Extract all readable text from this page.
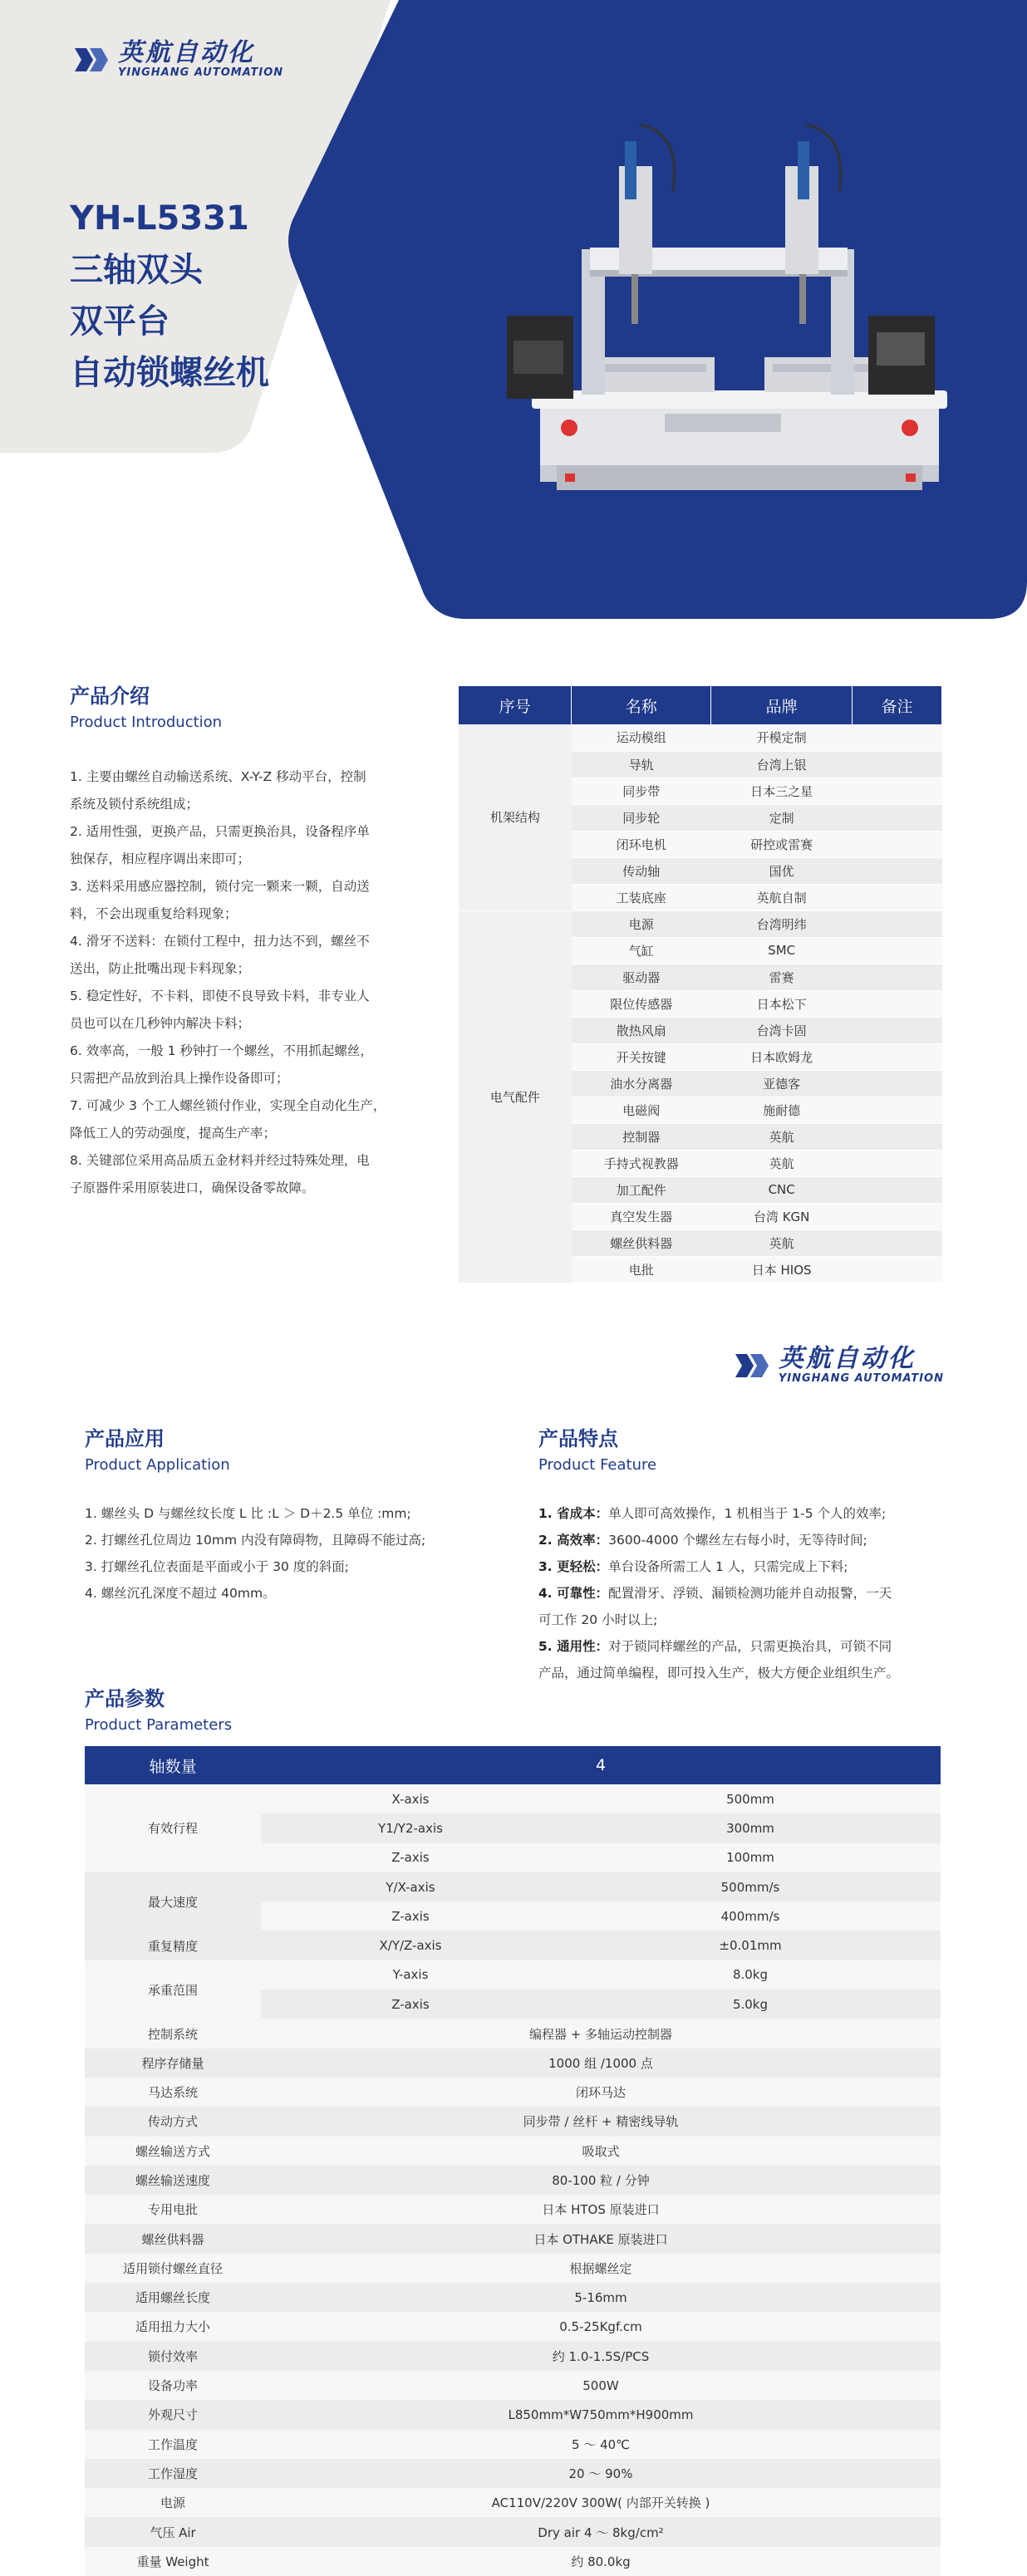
英航自动化
YINGHANG AUTOMATION
YH-L5331
三轴双头
双平台
自动锁螺丝机
产品介绍
Product Introduction

1. 主要由螺丝自动输送系统、X-Y-Z 移动平台，控制

系统及锁付系统组成；

2. 适用性强，更换产品，只需更换治具，设备程序单

独保存，相应程序调出来即可；

3. 送料采用感应器控制，锁付完一颗来一颗，自动送

料，不会出现重复给料现象；

4. 滑牙不送料：在锁付工程中，扭力达不到，螺丝不

送出，防止批嘴出现卡料现象；

5. 稳定性好，不卡料，即使不良导致卡料，非专业人

员也可以在几秒钟内解决卡料；

6. 效率高，一般 1 秒钟打一个螺丝，不用抓起螺丝，

只需把产品放到治具上操作设备即可；

7. 可减少 3 个工人螺丝锁付作业，实现全自动化生产，

降低工人的劳动强度，提高生产率；

8. 关键部位采用高品质五金材料并经过特殊处理，电

子原器件采用原装进口，确保设备零故障。

序号	名称	品牌	备注
机架结构	运动模组	开模定制	
	导轨	台湾上银	
	同步带	日本三之星	
	同步轮	定制	
	闭环电机	研控或雷赛	
	传动轴	国优	
	工装底座	英航自制	
电气配件	电源	台湾明纬	
	气缸	SMC	
	驱动器	雷赛	
	限位传感器	日本松下	
	散热风扇	台湾卡固	
	开关按键	日本欧姆龙	
	油水分离器	亚德客	
	电磁阀	施耐德	
	控制器	英航	
	手持式视教器	英航	
	加工配件	CNC	
	真空发生器	台湾 KGN	
	螺丝供料器	英航	
	电批	日本 HIOS	
英航自动化
YINGHANG AUTOMATION
产品应用
Product Application

1. 螺丝头 D 与螺丝纹长度 L 比 :L ＞ D＋2.5 单位 :mm;

2. 打螺丝孔位周边 10mm 内没有障碍物，且障碍不能过高;

3. 打螺丝孔位表面是平面或小于 30 度的斜面;

4. 螺丝沉孔深度不超过 40mm。

产品特点
Product Feature

1. 省成本：单人即可高效操作，1 机相当于 1-5 个人的效率;

2. 高效率：3600-4000 个螺丝左右每小时，无等待时间;

3. 更轻松：单台设备所需工人 1 人，只需完成上下料;

4. 可靠性：配置滑牙、浮锁、漏锁检测功能并自动报警，一天

可工作 20 小时以上;

5. 通用性：对于锁同样螺丝的产品，只需更换治具，可锁不同

产品，通过简单编程，即可投入生产，极大方便企业组织生产。

产品参数
Product Parameters
轴数量	4	
有效行程	X-axis	500mm
	Y1/Y2-axis	300mm
	Z-axis	100mm
最大速度	Y/X-axis	500mm/s
	Z-axis	400mm/s
重复精度	X/Y/Z-axis	±0.01mm
承重范围	Y-axis	8.0kg
	Z-axis	5.0kg
控制系统	编程器 + 多轴运动控制器	
程序存储量	1000 组 /1000 点	
马达系统	闭环马达	
传动方式	同步带 / 丝杆 + 精密线导轨	
螺丝输送方式	吸取式	
螺丝输送速度	80-100 粒 / 分钟	
专用电批	日本 HTOS 原装进口	
螺丝供料器	日本 OTHAKE 原装进口	
适用锁付螺丝直径	根据螺丝定	
适用螺丝长度	5-16mm	
适用扭力大小	0.5-25Kgf.cm	
锁付效率	约 1.0-1.5S/PCS	
设备功率	500W	
外观尺寸	L850mm*W750mm*H900mm	
工作温度	5 ～ 40℃	
工作湿度	20 ～ 90%	
电源	AC110V/220V 300W( 内部开关转换 )	
气压 Air	Dry air 4 ～ 8kg/cm²	
重量 Weight	约 80.0kg	
